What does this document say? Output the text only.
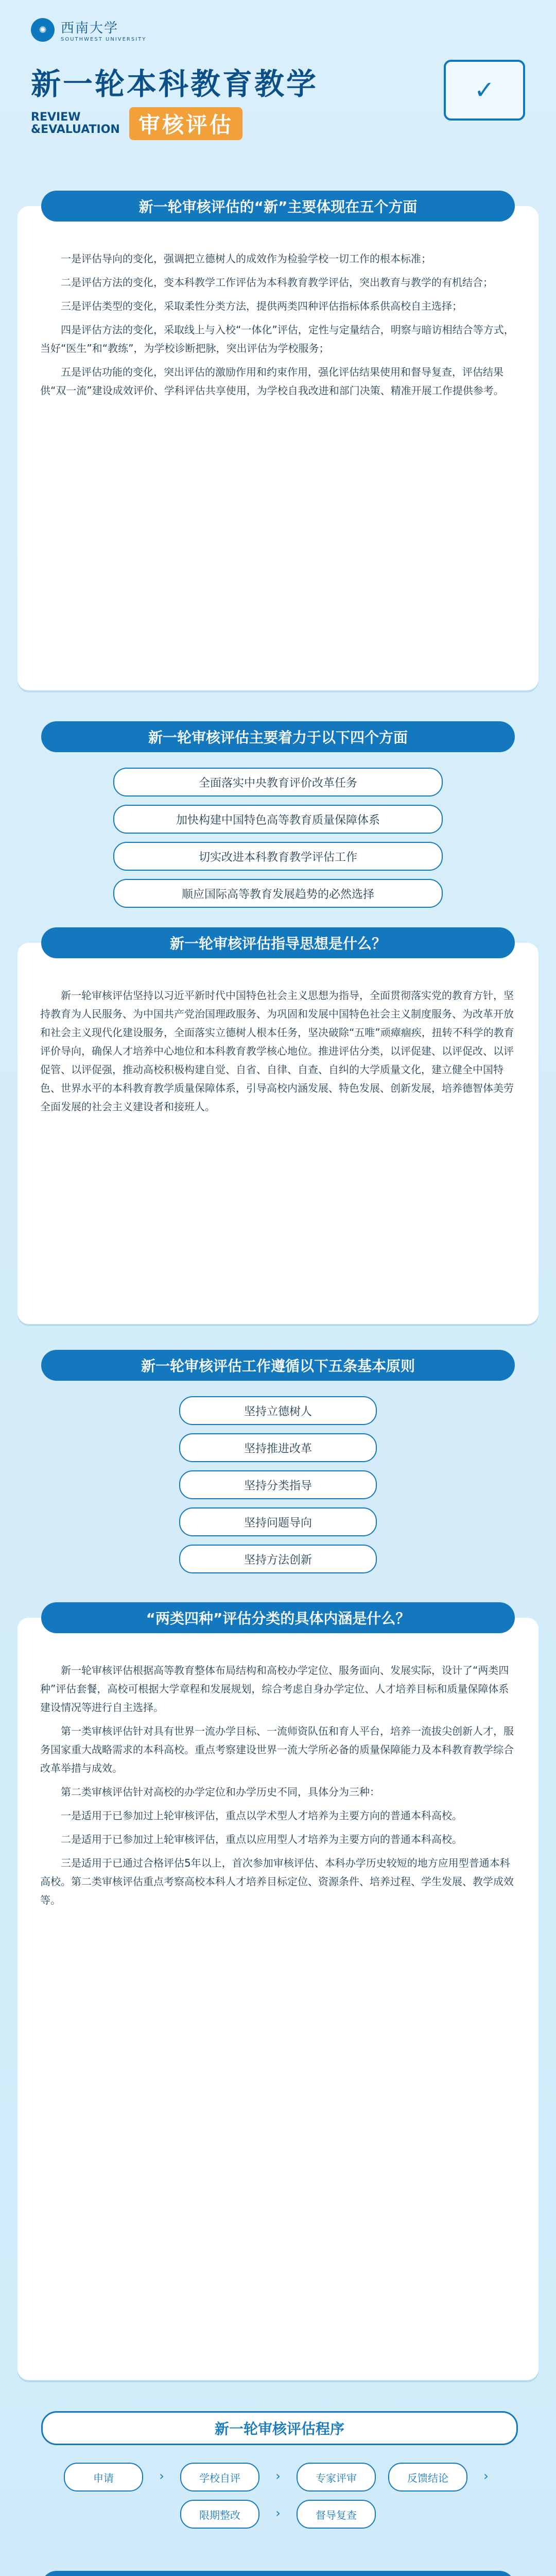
✺	西南大学
SOUTHWEST UNIVERSITY
新一轮本科教育教学
REVIEW
&EVALUATION 审核评估
✓

一是评估导向的变化，强调把立德树人的成效作为检验学校一切工作的根本标准；

二是评估方法的变化，变本科教学工作评估为本科教育教学评估，突出教育与教学的有机结合；

三是评估类型的变化，采取柔性分类方法，提供两类四种评估指标体系供高校自主选择；

四是评估方法的变化，采取线上与入校“一体化”评估，定性与定量结合，明察与暗访相结合等方式，当好“医生”和“教练”，为学校诊断把脉，突出评估为学校服务；

五是评估功能的变化，突出评估的激励作用和约束作用，强化评估结果使用和督导复查，评估结果供“双一流”建设成效评价、学科评估共享使用，为学校自我改进和部门决策、精准开展工作提供参考。

新一轮审核评估的“新”主要体现在五个方面
新一轮审核评估主要着力于以下四个方面
全面落实中央教育评价改革任务
加快构建中国特色高等教育质量保障体系
切实改进本科教育教学评估工作
顺应国际高等教育发展趋势的必然选择

新一轮审核评估坚持以习近平新时代中国特色社会主义思想为指导，全面贯彻落实党的教育方针，坚持教育为人民服务、为中国共产党治国理政服务、为巩固和发展中国特色社会主义制度服务、为改革开放和社会主义现代化建设服务，全面落实立德树人根本任务，坚决破除“五唯”顽瘴痼疾，扭转不科学的教育评价导向，确保人才培养中心地位和本科教育教学核心地位。推进评估分类，以评促建、以评促改、以评促管、以评促强，推动高校积极构建自觉、自省、自律、自查、自纠的大学质量文化，建立健全中国特色、世界水平的本科教育教学质量保障体系，引导高校内涵发展、特色发展、创新发展，培养德智体美劳全面发展的社会主义建设者和接班人。

新一轮审核评估指导思想是什么？
新一轮审核评估工作遵循以下五条基本原则
坚持立德树人
坚持推进改革
坚持分类指导
坚持问题导向
坚持方法创新

新一轮审核评估根据高等教育整体布局结构和高校办学定位、服务面向、发展实际，设计了“两类四种”评估套餐，高校可根据大学章程和发展规划，综合考虑自身办学定位、人才培养目标和质量保障体系建设情况等进行自主选择。

第一类审核评估针对具有世界一流办学目标、一流师资队伍和育人平台，培养一流拔尖创新人才，服务国家重大战略需求的本科高校。重点考察建设世界一流大学所必备的质量保障能力及本科教育教学综合改革举措与成效。

第二类审核评估针对高校的办学定位和办学历史不同，具体分为三种：

一是适用于已参加过上轮审核评估，重点以学术型人才培养为主要方向的普通本科高校。

二是适用于已参加过上轮审核评估，重点以应用型人才培养为主要方向的普通本科高校。

三是适用于已通过合格评估5年以上，首次参加审核评估、本科办学历史较短的地方应用型普通本科高校。第二类审核评估重点考察高校本科人才培养目标定位、资源条件、培养过程、学生发展、教学成效等。

“两类四种”评估分类的具体内涵是什么？
新一轮审核评估程序
申请	›	学校自评	›	专家评审	反馈结论	›
限期整改	›	督导复查
